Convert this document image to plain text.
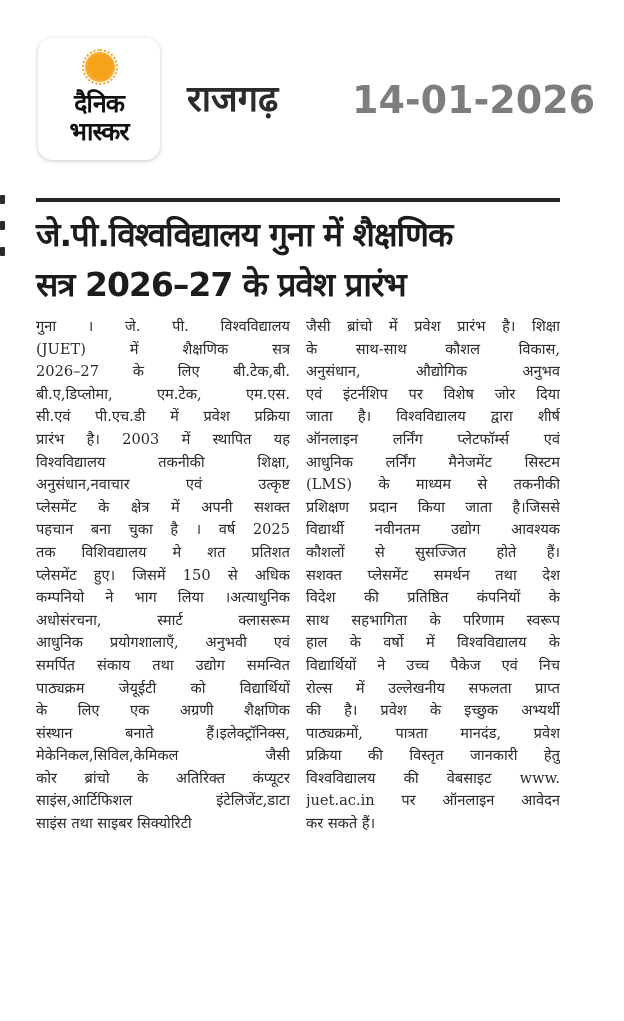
दैनिक
भास्कर
राजगढ़ 14-01-2026
जे.पी.विश्वविद्यालय गुना में शैक्षणिक
सत्र 2026–27 के प्रवेश प्रारंभ
गुना । जे. पी. विश्वविद्यालय
(JUET) में शैक्षणिक सत्र
2026–27 के लिए बी.टेक,बी.
बी.ए,डिप्लोमा, एम.टेक, एम.एस.
सी.एवं पी.एच.डी में प्रवेश प्रक्रिया
प्रारंभ है। 2003 में स्थापित यह
विश्वविद्यालय तकनीकी शिक्षा,
अनुसंधान,नवाचार एवं उत्कृष्ट
प्लेसमेंट के क्षेत्र में अपनी सशक्त
पहचान बना चुका है । वर्ष 2025
तक विशिवद्यालय मे शत प्रतिशत
प्लेसमेंट हुए। जिसमें 150 से अधिक
कम्पनियो ने भाग लिया ।अत्याधुनिक
अधोसंरचना, स्मार्ट क्लासरूम
आधुनिक प्रयोगशालाएँ, अनुभवी एवं
समर्पित संकाय तथा उद्योग समन्वित
पाठ्यक्रम जेयूईटी को विद्यार्थियों
के लिए एक अग्रणी शैक्षणिक
संस्थान बनाते हैं।इलेक्ट्रॉनिक्स,
मेकेनिकल,सिविल,केमिकल जैसी
कोर ब्रांचो के अतिरिक्त कंप्यूटर
साइंस,आर्टिफिशल इंटेलिजेंट,डाटा
साइंस तथा साइबर सिक्योरिटी
जैसी ब्रांचो में प्रवेश प्रारंभ है। शिक्षा
के साथ-साथ कौशल विकास,
अनुसंधान, औद्योगिक अनुभव
एवं इंटर्नशिप पर विशेष जोर दिया
जाता है। विश्वविद्यालय द्वारा शीर्ष
ऑनलाइन लर्निंग प्लेटफॉर्म्स एवं
आधुनिक लर्निंग मैनेजमेंट सिस्टम
(LMS) के माध्यम से तकनीकी
प्रशिक्षण प्रदान किया जाता है।जिससे
विद्यार्थी नवीनतम उद्योग आवश्यक
कौशलों से सुसज्जित होते हैं।
सशक्त प्लेसमेंट समर्थन तथा देश
विदेश की प्रतिष्ठित कंपनियों के
साथ सहभागिता के परिणाम स्वरूप
हाल के वर्षो में विश्वविद्यालय के
विद्यार्थियों ने उच्च पैकेज एवं निच
रोल्स में उल्लेखनीय सफलता प्राप्त
की है। प्रवेश के इच्छुक अभ्यर्थी
पाठ्यक्रमों, पात्रता मानदंड, प्रवेश
प्रक्रिया की विस्तृत जानकारी हेतु
विश्वविद्यालय की वेबसाइट www.
juet.ac.in पर ऑनलाइन आवेदन
कर सकते हैं।
